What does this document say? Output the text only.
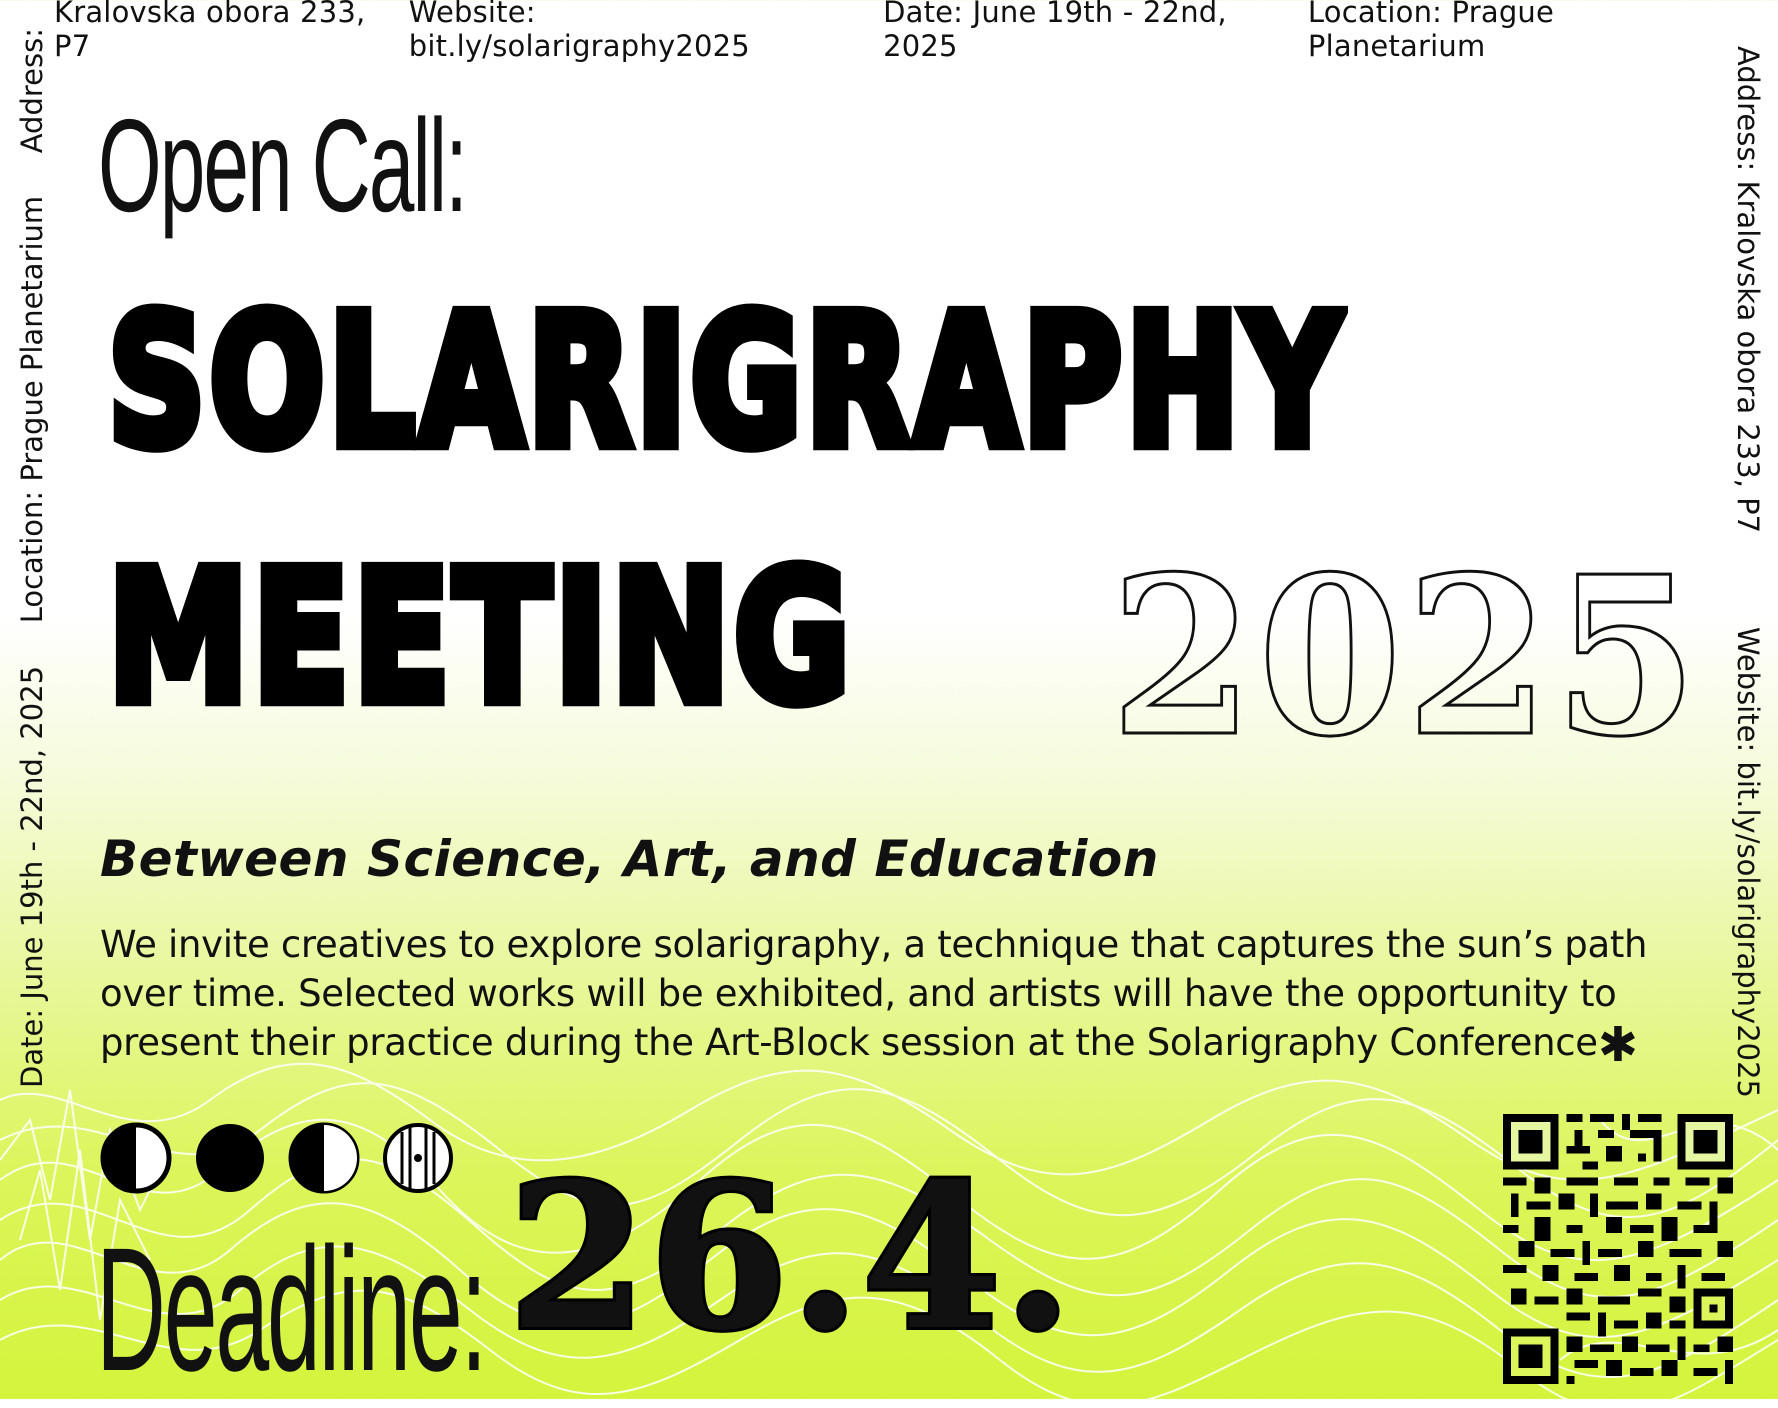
Kralovska obora 233, P7
Website: bit.ly/solarigraphy2025
Date: June 19th - 22nd, 2025
Location: Prague Planetarium
Date: June 19th - 22nd, 2025
Location: Prague Planetarium
Address:	Address: Kralovska obora 233, P7
Website: bit.ly/solarigraphy2025
Open Call:
SOLARIGRAPHY
MEETING 2025
Between Science, Art, and Education
We invite creatives to explore solarigraphy, a technique that captures the sun’s path
over time. Selected works will be exhibited, and artists will have the opportunity to
present their practice during the Art-Block session at the Solarigraphy Conference✱
Deadline: 26.4.
